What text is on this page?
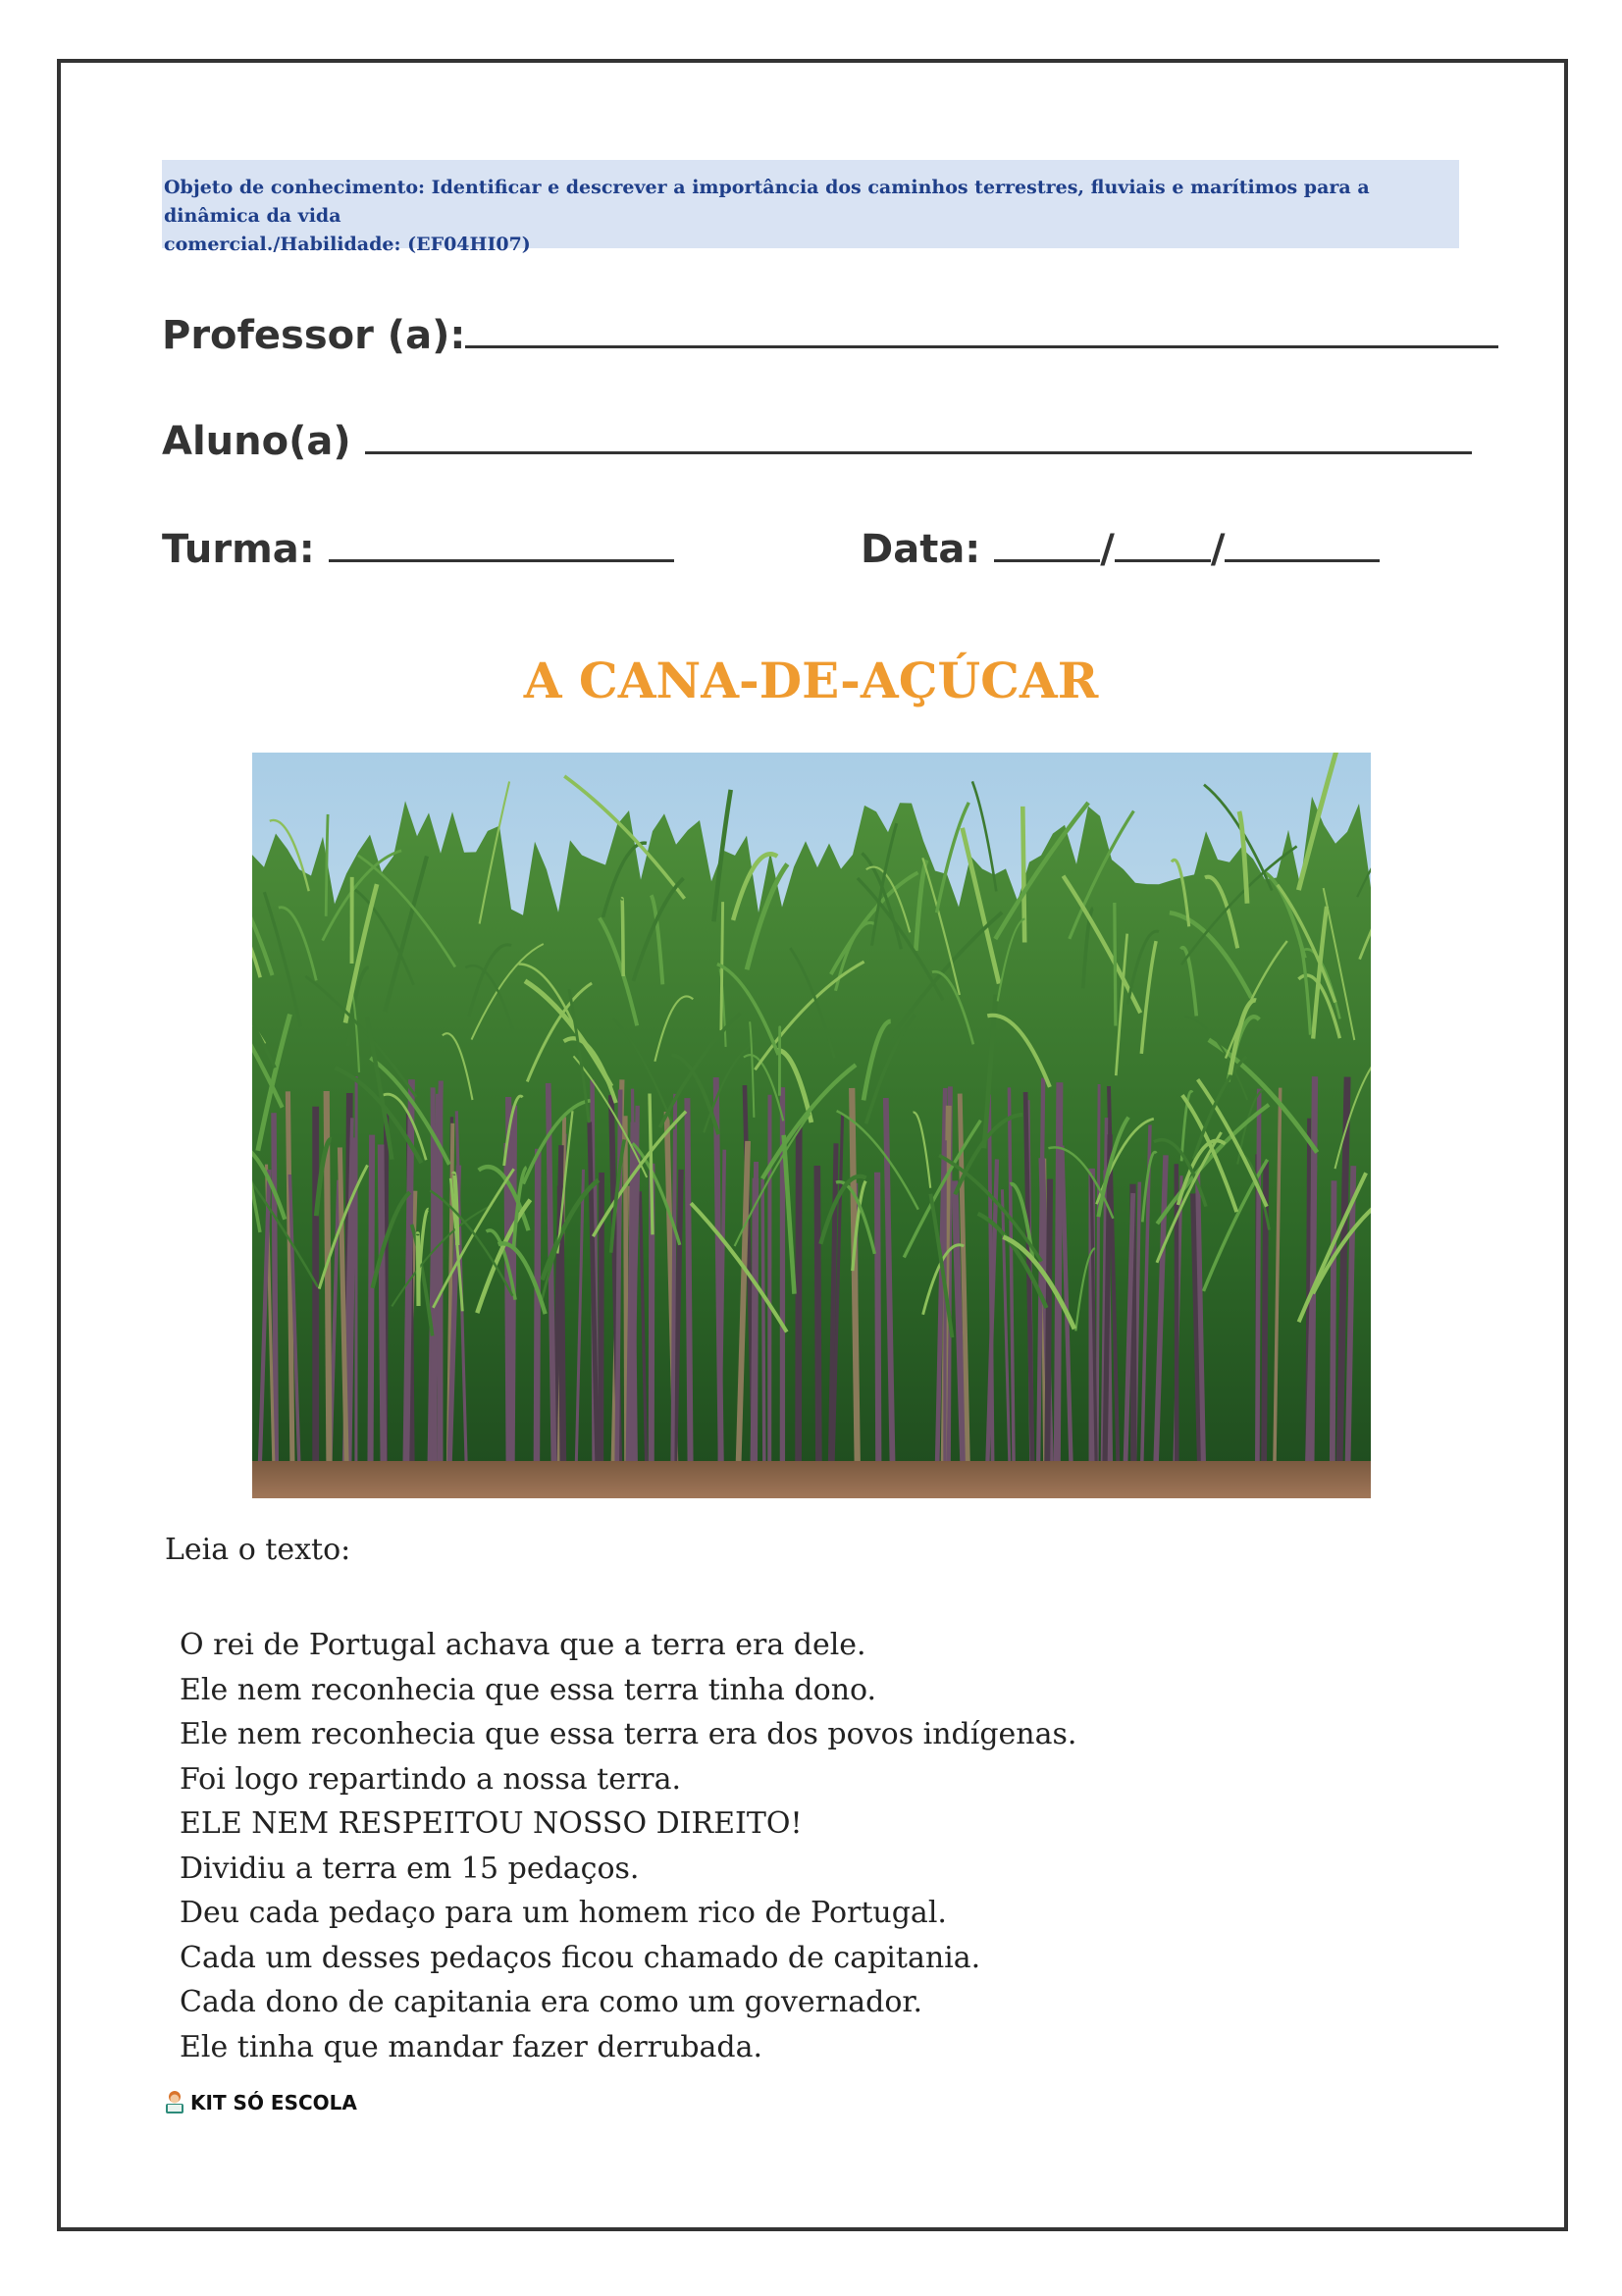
Objeto de conhecimento: Identificar e descrever a importância dos caminhos terrestres, fluviais e marítimos para a dinâmica da vida
comercial./Habilidade: (EF04HI07)
Professor (a):
Aluno(a)
Turma:	Data:	/ /
A CANA-DE-AÇÚCAR
Leia o texto:
O rei de Portugal achava que a terra era dele.
Ele nem reconhecia que essa terra tinha dono.
Ele nem reconhecia que essa terra era dos povos indígenas.
Foi logo repartindo a nossa terra.
ELE NEM RESPEITOU NOSSO DIREITO!
Dividiu a terra em 15 pedaços.
Deu cada pedaço para um homem rico de Portugal.
Cada um desses pedaços ficou chamado de capitania.
Cada dono de capitania era como um governador.
Ele tinha que mandar fazer derrubada.
KIT SÓ ESCOLA
